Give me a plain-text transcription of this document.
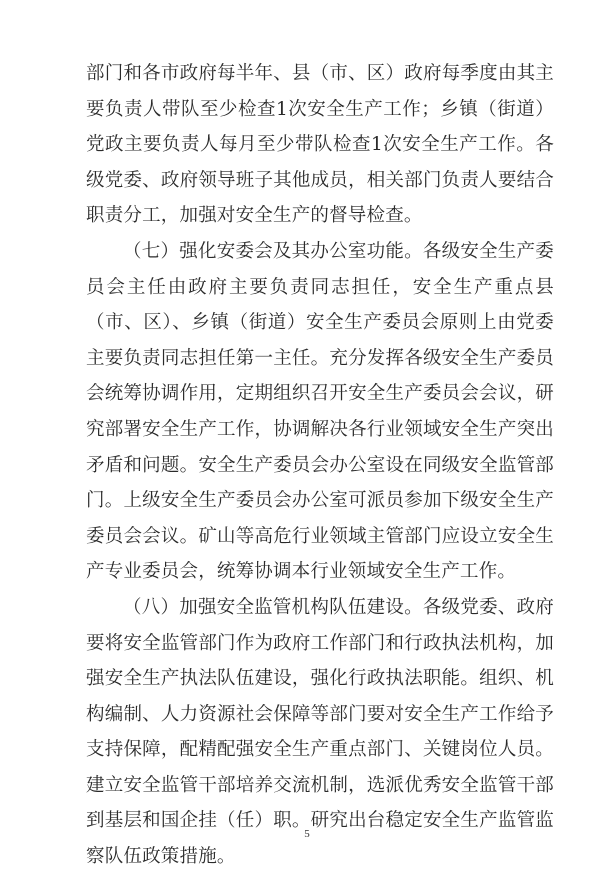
部门和各市政府每半年、县（市、区）政府每季度由其主要负责人带队至少检查1次安全生产工作；乡镇（街道）党政主要负责人每月至少带队检查1次安全生产工作。各级党委、政府领导班子其他成员，相关部门负责人要结合职责分工，加强对安全生产的督导检查。

（七）强化安委会及其办公室功能。各级安全生产委员会主任由政府主要负责同志担任，安全生产重点县（市、区）、乡镇（街道）安全生产委员会原则上由党委主要负责同志担任第一主任。充分发挥各级安全生产委员会统筹协调作用，定期组织召开安全生产委员会会议，研究部署安全生产工作，协调解决各行业领域安全生产突出矛盾和问题。安全生产委员会办公室设在同级安全监管部门。上级安全生产委员会办公室可派员参加下级安全生产委员会会议。矿山等高危行业领域主管部门应设立安全生产专业委员会，统筹协调本行业领域安全生产工作。

（八）加强安全监管机构队伍建设。各级党委、政府要将安全监管部门作为政府工作部门和行政执法机构，加强安全生产执法队伍建设，强化行政执法职能。组织、机构编制、人力资源社会保障等部门要对安全生产工作给予支持保障，配精配强安全生产重点部门、关键岗位人员。建立安全监管干部培养交流机制，选派优秀安全监管干部到基层和国企挂（任）职。研究出台稳定安全生产监管监察队伍政策措施。

5
